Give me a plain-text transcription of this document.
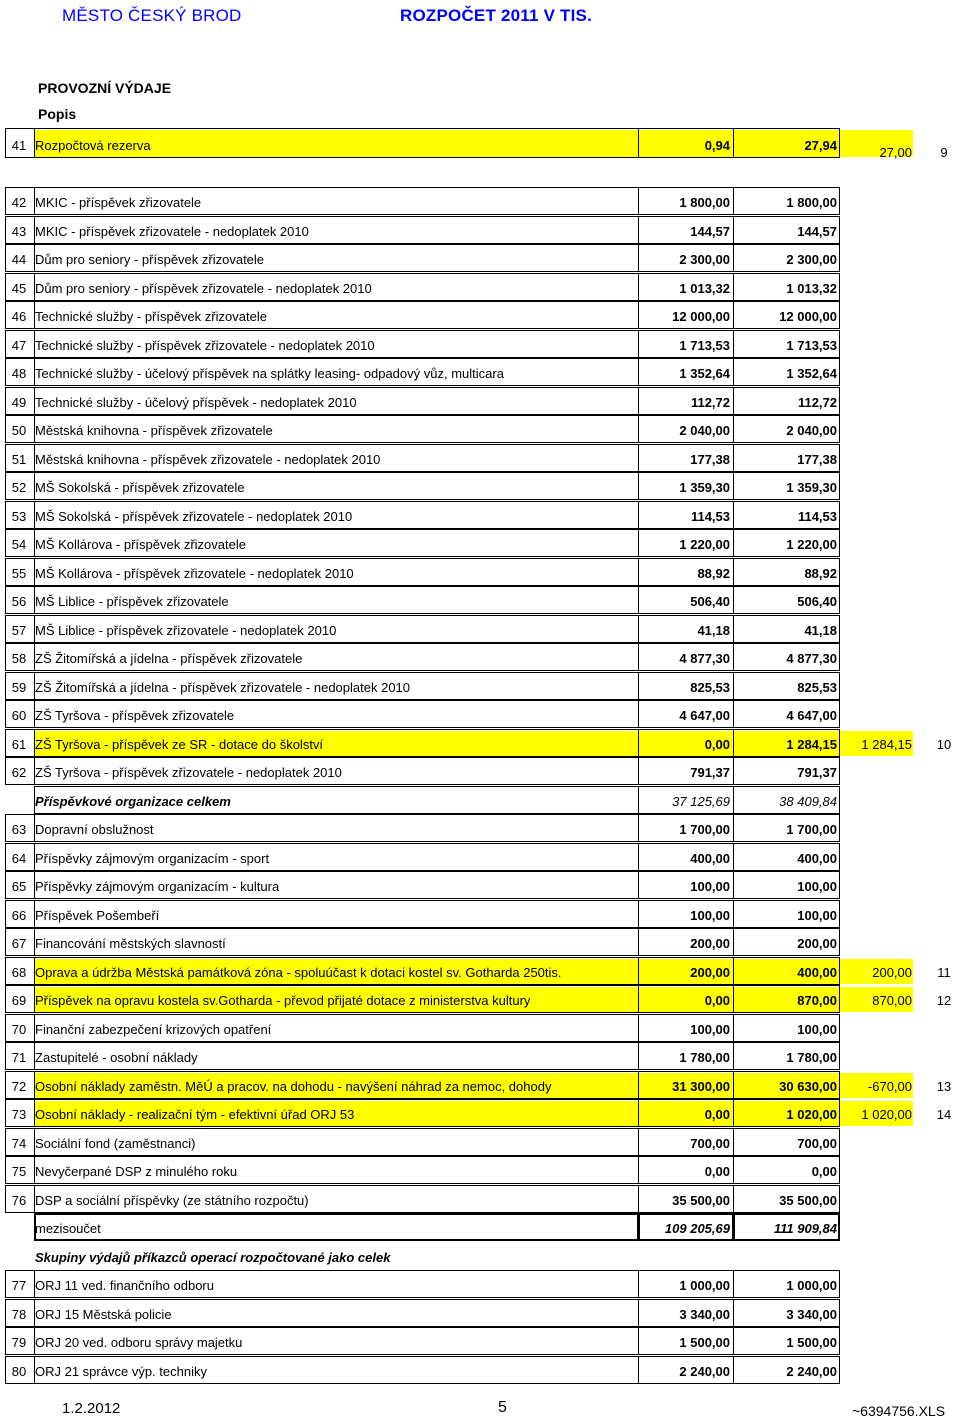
MĚSTO ČESKÝ BROD	ROZPOČET 2011 V TIS.
PROVOZNÍ VÝDAJE
Popis
41 Rozpočtová rezerva	0,94	27,94	27,00	9
42 MKIC - příspěvek zřizovatele	1 800,00	1 800,00
43 MKIC - příspěvek zřizovatele - nedoplatek 2010	144,57	144,57
44 Dům pro seniory - příspěvek zřizovatele	2 300,00	2 300,00
45 Dům pro seniory - příspěvek zřizovatele - nedoplatek 2010	1 013,32	1 013,32
46 Technické služby - příspěvek zřizovatele	12 000,00	12 000,00
47 Technické služby - příspěvek zřizovatele - nedoplatek 2010	1 713,53	1 713,53
48 Technické služby - účelový příspěvek na splátky leasing- odpadový vůz, multicara	1 352,64	1 352,64
49 Technické služby - účelový příspěvek - nedoplatek 2010	112,72	112,72
50 Městská knihovna - příspěvek zřizovatele	2 040,00	2 040,00
51 Městská knihovna - příspěvek zřizovatele - nedoplatek 2010	177,38	177,38
52 MŠ Sokolská - příspěvek zřizovatele	1 359,30	1 359,30
53 MŠ Sokolská - příspěvek zřizovatele - nedoplatek 2010	114,53	114,53
54 MŠ Kollárova - příspěvek zřizovatele	1 220,00	1 220,00
55 MŠ Kollárova - příspěvek zřizovatele - nedoplatek 2010	88,92	88,92
56 MŠ Liblice - příspěvek zřizovatele	506,40	506,40
57 MŠ Liblice - příspěvek zřizovatele - nedoplatek 2010	41,18	41,18
58 ZŠ Žitomířská a jídelna - příspěvek zřizovatele	4 877,30	4 877,30
59 ZŠ Žitomířská a jídelna - příspěvek zřizovatele - nedoplatek 2010	825,53	825,53
60 ZŠ Tyršova - příspěvek zřizovatele	4 647,00	4 647,00
61 ZŠ Tyršova - příspěvek ze SR - dotace do školství	0,00	1 284,15	1 284,15	10
62 ZŠ Tyršova - příspěvek zřizovatele - nedoplatek 2010	791,37	791,37
Příspěvkové organizace celkem	37 125,69	38 409,84
63 Dopravní obslužnost	1 700,00	1 700,00
64 Příspěvky zájmovým organizacím - sport	400,00	400,00
65 Příspěvky zájmovým organizacím - kultura	100,00	100,00
66 Příspěvek Pošembeří	100,00	100,00
67 Financování městských slavností	200,00	200,00
68 Oprava a údržba Městská památková zóna - spoluúčast k dotaci kostel sv. Gotharda 250tis.	200,00	400,00	200,00	11
69 Příspěvek na opravu kostela sv.Gotharda - převod přijaté dotace z ministerstva kultury	0,00	870,00	870,00	12
70 Finanční zabezpečení krizových opatření	100,00	100,00
71 Zastupitelé - osobní náklady	1 780,00	1 780,00
72 Osobní náklady zaměstn. MěÚ a pracov. na dohodu - navýšení náhrad za nemoc, dohody	31 300,00	30 630,00	-670,00	13
73 Osobní náklady - realizační tým - efektivní úřad ORJ 53	0,00	1 020,00	1 020,00	14
74 Sociální fond (zaměstnanci)	700,00	700,00
75 Nevyčerpané DSP z minulého roku	0,00	0,00
76 DSP a sociální příspěvky (ze státního rozpočtu)	35 500,00	35 500,00
mezisoučet	109 205,69	111 909,84
Skupiny výdajů příkazců operací rozpočtované jako celek
77 ORJ 11 ved. finančního odboru	1 000,00	1 000,00
78 ORJ 15 Městská policie	3 340,00	3 340,00
79 ORJ 20 ved. odboru správy majetku	1 500,00	1 500,00
80 ORJ 21 správce výp. techniky	2 240,00	2 240,00
1.2.2012	5	~6394756.XLS
